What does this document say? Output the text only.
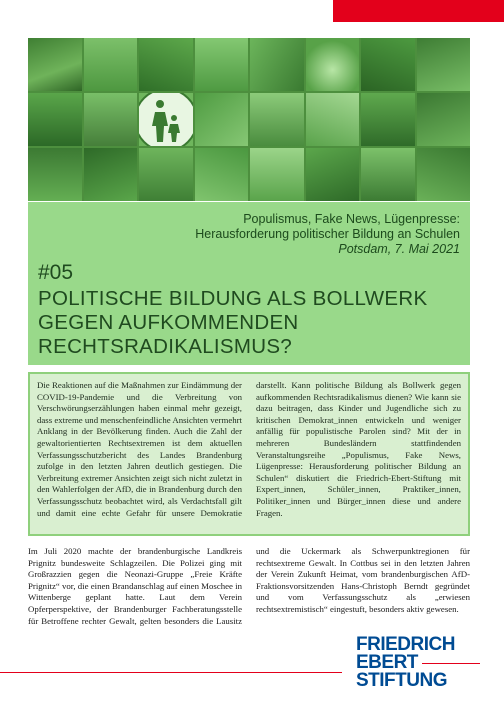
Populismus, Fake News, Lügenpresse:
Herausforderung politischer Bildung an Schulen
Potsdam, 7. Mai 2021
#05
POLITISCHE BILDUNG ALS BOLLWERK GEGEN AUFKOMMENDEN RECHTSRADIKALISMUS?
Die Reaktionen auf die Maßnahmen zur Eindämmung der COVID-19-Pandemie und die Verbreitung von Verschwörungserzählungen haben einmal mehr gezeigt, dass extreme und menschenfeindliche Ansichten vermehrt Anklang in der Bevölkerung finden. Auch die Zahl der gewaltorientierten Rechtsextremen ist dem aktuellen Verfassungsschutzbericht des Landes Brandenburg zufolge in den letzten Jahren deutlich gestiegen. Die Verbreitung extremer Ansichten zeigt sich nicht zuletzt in den Wahlerfolgen der AfD, die in Brandenburg durch den Verfassungsschutz beobachtet wird, als Verdachtsfall gilt und damit eine echte Gefahr für unsere Demokratie darstellt. Kann politische Bildung als Bollwerk gegen aufkommenden Rechtsradikalismus dienen? Wie kann sie dazu beitragen, dass Kinder und Jugendliche sich zu kritischen Demokrat_innen entwickeln und weniger anfällig für populistische Parolen sind? Mit der in mehreren Bundesländern stattfindenden Veranstaltungsreihe „Populismus, Fake News, Lügenpresse: Herausforderung politischer Bildung an Schulen“ diskutiert die Friedrich-Ebert-Stiftung mit Expert_innen, Schüler_innen, Praktiker_innen, Politiker_innen und Bürger_innen diese und andere Fragen.
Im Juli 2020 machte der brandenburgische Landkreis Prignitz bundesweite Schlagzeilen. Die Polizei ging mit Großrazzien gegen die Neonazi-Gruppe „Freie Kräfte Prignitz“ vor, die einen Brandanschlag auf einen Moschee in Wittenberge geplant hatte. Laut dem Verein Opferperspektive, der Brandenburger Fachberatungsstelle für Betroffene rechter Gewalt, gelten besonders die Lausitz und die Uckermark als Schwerpunktregionen für rechtsextreme Gewalt. In Cottbus sei in den letzten Jahren der Verein Zukunft Heimat, vom brandenburgischen AfD-Fraktionsvorsitzenden Hans-Christoph Berndt gegründet und vom Verfassungsschutz als „erwiesen rechtsextremistisch“ eingestuft, besonders aktiv gewesen.
FRIEDRICH
EBERT
STIFTUNG
